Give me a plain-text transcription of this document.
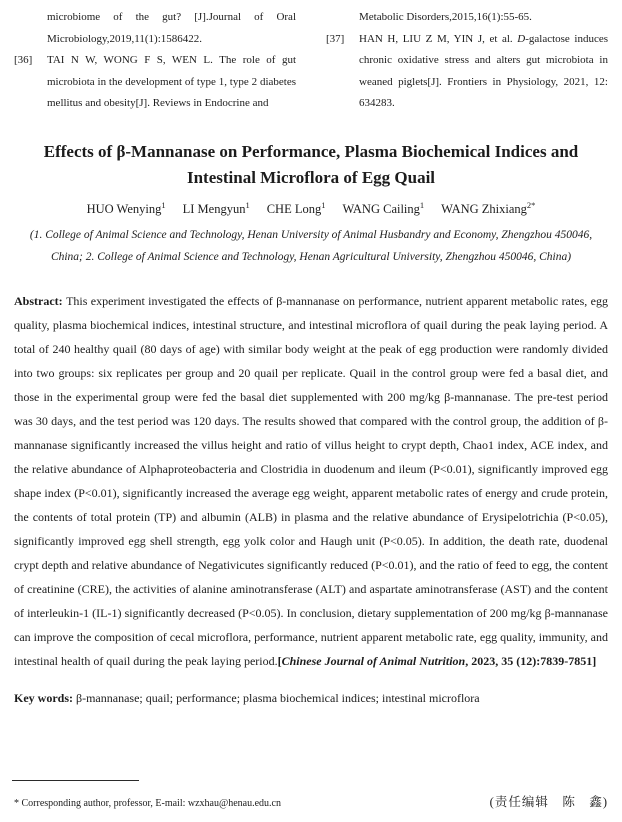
microbiome of the gut? [J].Journal of Oral Microbiology,2019,11(1):1586422.

[36] TAI N W, WONG F S, WEN L. The role of gut microbiota in the development of type 1, type 2 diabetes mellitus and obesity[J]. Reviews in Endocrine and

Metabolic Disorders,2015,16(1):55-65.

[37] HAN H, LIU Z M, YIN J, et al. D-galactose induces chronic oxidative stress and alters gut microbiota in weaned piglets[J]. Frontiers in Physiology, 2021, 12: 634283.

Effects of β-Mannanase on Performance, Plasma Biochemical Indices and
Intestinal Microflora of Egg Quail
HUO Wenying$^1$ LI Mengyun$^1$ CHE Long$^1$ WANG Cailing$^1$ WANG Zhixiang$^{2*}$
(1. College of Animal Science and Technology, Henan University of Animal Husbandry and Economy, Zhengzhou 450046, China; 2. College of Animal Science and Technology, Henan Agricultural University, Zhengzhou 450046, China)

Abstract: This experiment investigated the effects of β-mannanase on performance, nutrient apparent metabolic rates, egg quality, plasma biochemical indices, intestinal structure, and intestinal microflora of quail during the peak laying period. A total of 240 healthy quail (80 days of age) with similar body weight at the peak of egg production were randomly divided into two groups: six replicates per group and 20 quail per replicate. Quail in the control group were fed a basal diet, and those in the experimental group were fed the basal diet supplemented with 200 mg/kg β-mannanase. The pre-test period was 30 days, and the test period was 120 days. The results showed that compared with the control group, the addition of β-mannanase significantly increased the villus height and ratio of villus height to crypt depth, Chao1 index, ACE index, and the relative abundance of Alphaproteobacteria and Clostridia in duodenum and ileum (P<0.01), significantly improved egg shape index (P<0.01), significantly increased the average egg weight, apparent metabolic rates of energy and crude protein, the contents of total protein (TP) and albumin (ALB) in plasma and the relative abundance of Erysipelotrichia (P<0.05), significantly improved egg shell strength, egg yolk color and Haugh unit (P<0.05). In addition, the death rate, duodenal crypt depth and relative abundance of Negativicutes significantly reduced (P<0.01), and the ratio of feed to egg, the content of creatinine (CRE), the activities of alanine aminotransferase (ALT) and aspartate aminotransferase (AST) and the content of interleukin-1 (IL-1) significantly decreased (P<0.05). In conclusion, dietary supplementation of 200 mg/kg β-mannanase can improve the composition of cecal microflora, performance, nutrient apparent metabolic rate, egg quality, immunity, and intestinal health of quail during the peak laying period.[Chinese Journal of Animal Nutrition, 2023, 35 (12):7839-7851]

Key words: β-mannanase; quail; performance; plasma biochemical indices; intestinal microflora

* Corresponding author, professor, E-mail: wzxhau@henau.edu.cn	(责任编辑　陈　鑫)
